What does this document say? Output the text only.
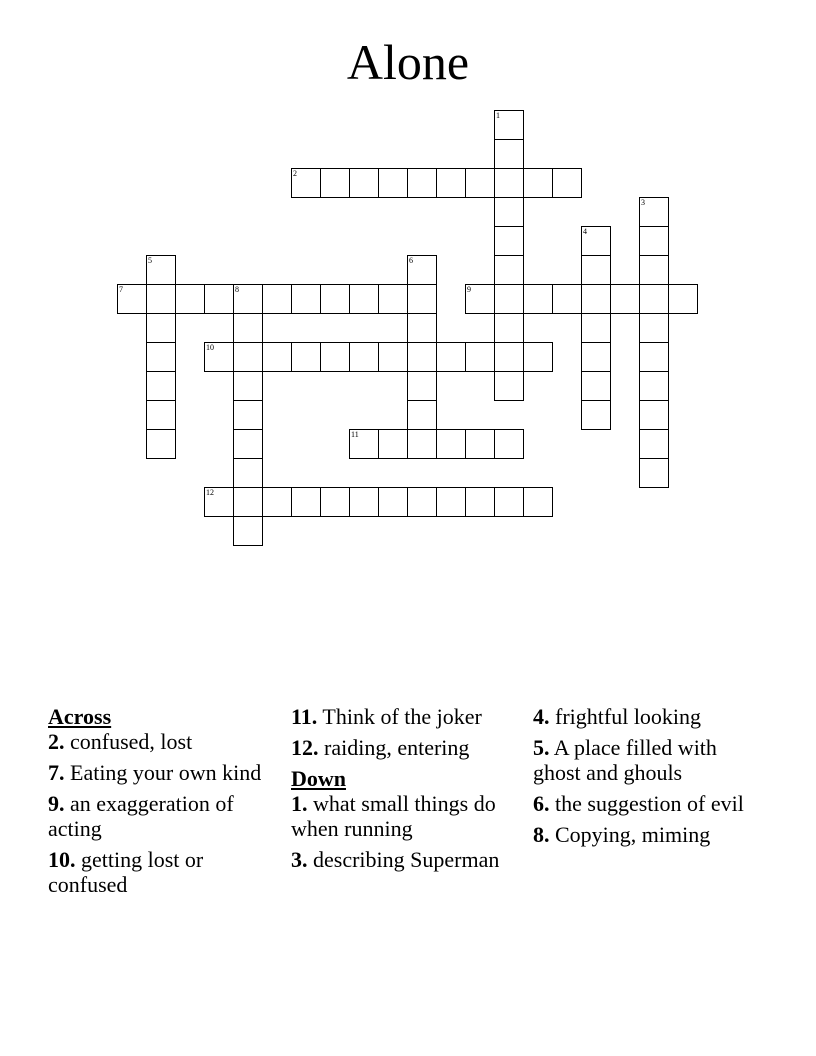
Alone
1
2
3
4
5	6
7	8	9
10
11
12
Across
2. confused, lost
7. Eating your own kind
9. an exaggeration of acting
10. getting lost or confused
11. Think of the joker
12. raiding, entering
Down
1. what small things do when running
3. describing Superman
4. frightful looking
5. A place filled with ghost and ghouls
6. the suggestion of evil
8. Copying, miming
